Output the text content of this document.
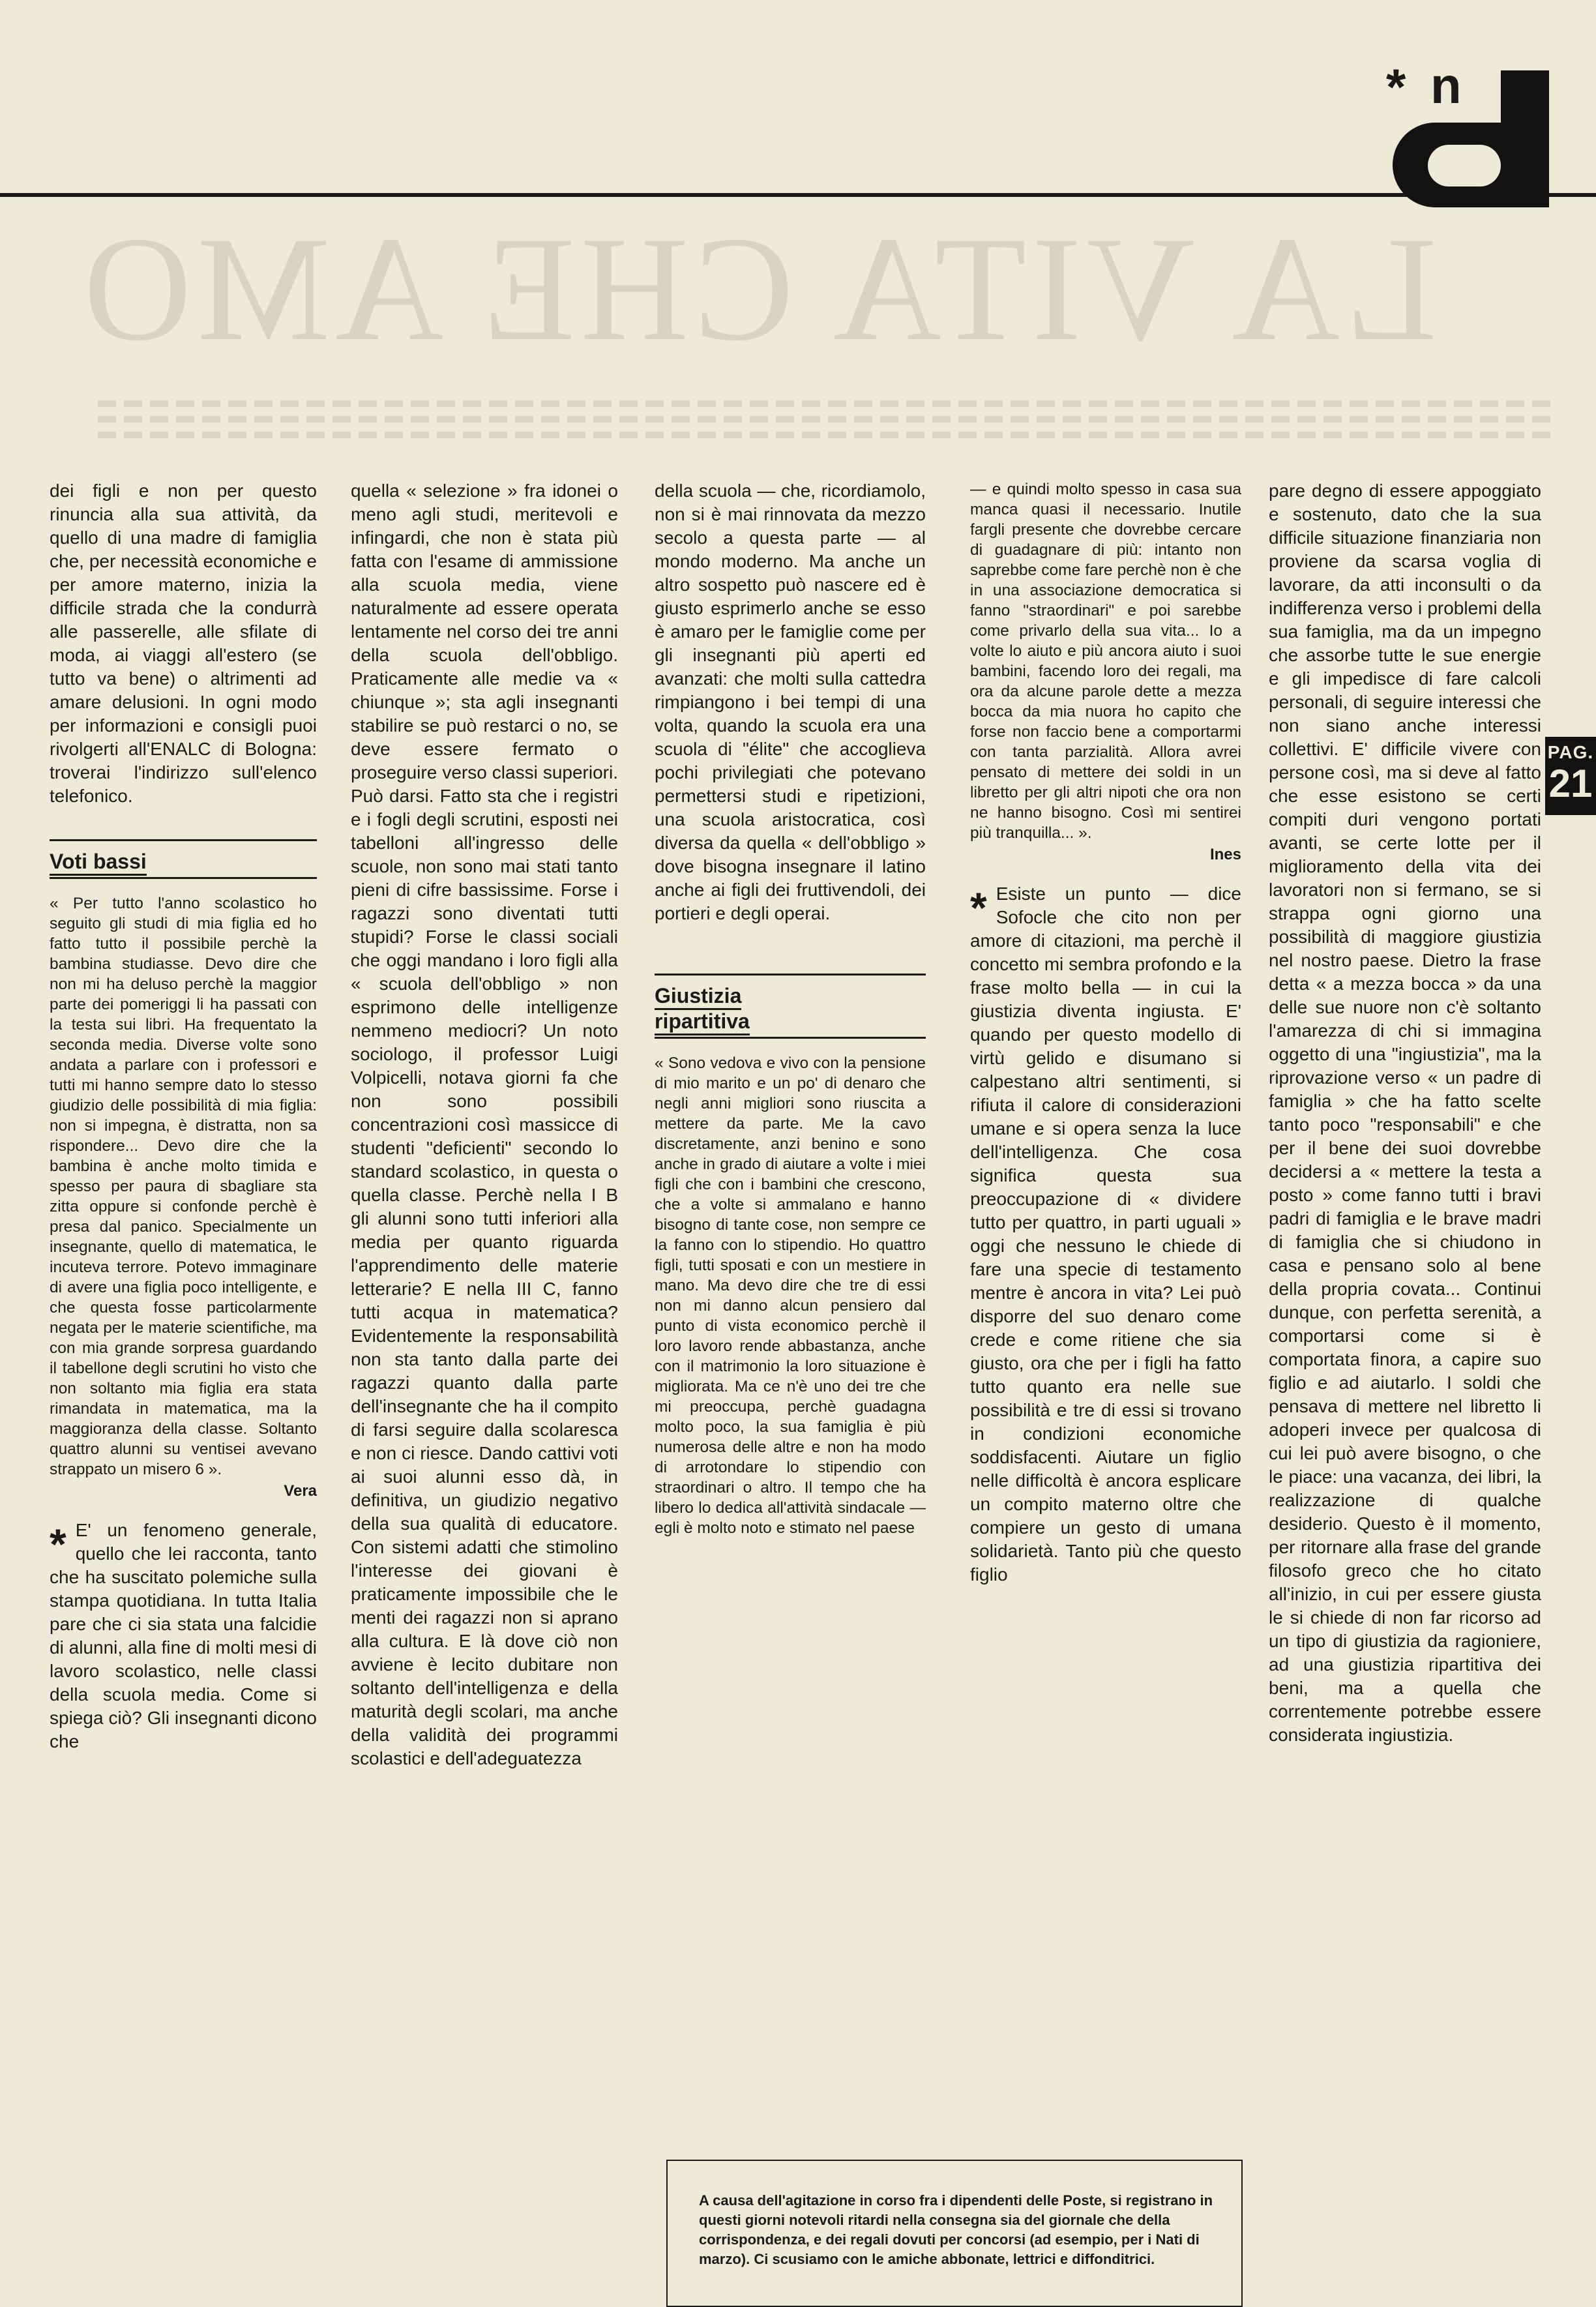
LA VITA CHE AMO
* n
PAG.
21

dei figli e non per questo rinuncia alla sua attività, da quello di una madre di famiglia che, per necessità economiche e per amore materno, inizia la difficile strada che la condurrà alle passerelle, alle sfilate di moda, ai viaggi all'estero (se tutto va bene) o altrimenti ad amare delusioni. In ogni modo per informazioni e consigli puoi rivolgerti all'ENALC di Bologna: troverai l'indirizzo sull'elenco telefonico.

Voti bassi

« Per tutto l'anno scolastico ho seguito gli studi di mia figlia ed ho fatto tutto il possibile perchè la bambina studiasse. Devo dire che non mi ha deluso perchè la maggior parte dei pomeriggi li ha passati con la testa sui libri. Ha frequentato la seconda media. Diverse volte sono andata a parlare con i professori e tutti mi hanno sempre dato lo stesso giudizio delle possibilità di mia figlia: non si impegna, è distratta, non sa rispondere... Devo dire che la bambina è anche molto timida e spesso per paura di sbagliare sta zitta oppure si confonde perchè è presa dal panico. Specialmente un insegnante, quello di matematica, le incuteva terrore. Potevo immaginare di avere una figlia poco intelligente, e che questa fosse particolarmente negata per le materie scientifiche, ma con mia grande sorpresa guardando il tabellone degli scrutini ho visto che non soltanto mia figlia era stata rimandata in matematica, ma la maggioranza della classe. Soltanto quattro alunni su ventisei avevano strappato un misero 6 ».

Vera

* E' un fenomeno generale, quello che lei racconta, tanto che ha suscitato polemiche sulla stampa quotidiana. In tutta Italia pare che ci sia stata una falcidie di alunni, alla fine di molti mesi di lavoro scolastico, nelle classi della scuola media. Come si spiega ciò? Gli insegnanti dicono che

quella « selezione » fra idonei o meno agli studi, meritevoli e infingardi, che non è stata più fatta con l'esame di ammissione alla scuola media, viene naturalmente ad essere operata lentamente nel corso dei tre anni della scuola dell'obbligo. Praticamente alle medie va « chiunque »; sta agli insegnanti stabilire se può restarci o no, se deve essere fermato o proseguire verso classi superiori. Può darsi. Fatto sta che i registri e i fogli degli scrutini, esposti nei tabelloni all'ingresso delle scuole, non sono mai stati tanto pieni di cifre bassissime. Forse i ragazzi sono diventati tutti stupidi? Forse le classi sociali che oggi mandano i loro figli alla « scuola dell'obbligo » non esprimono delle intelligenze nemmeno mediocri? Un noto sociologo, il professor Luigi Volpicelli, notava giorni fa che non sono possibili concentrazioni così massicce di studenti "deficienti" secondo lo standard scolastico, in questa o quella classe. Perchè nella I B gli alunni sono tutti inferiori alla media per quanto riguarda l'apprendimento delle materie letterarie? E nella III C, fanno tutti acqua in matematica? Evidentemente la responsabilità non sta tanto dalla parte dei ragazzi quanto dalla parte dell'insegnante che ha il compito di farsi seguire dalla scolaresca e non ci riesce. Dando cattivi voti ai suoi alunni esso dà, in definitiva, un giudizio negativo della sua qualità di educatore. Con sistemi adatti che stimolino l'interesse dei giovani è praticamente impossibile che le menti dei ragazzi non si aprano alla cultura. E là dove ciò non avviene è lecito dubitare non soltanto dell'intelligenza e della maturità degli scolari, ma anche della validità dei programmi scolastici e dell'adeguatezza

della scuola — che, ricordiamolo, non si è mai rinnovata da mezzo secolo a questa parte — al mondo moderno. Ma anche un altro sospetto può nascere ed è giusto esprimerlo anche se esso è amaro per le famiglie come per gli insegnanti più aperti ed avanzati: che molti sulla cattedra rimpiangono i bei tempi di una volta, quando la scuola era una scuola di "élite" che accoglieva pochi privilegiati che potevano permettersi studi e ripetizioni, una scuola aristocratica, così diversa da quella « dell'obbligo » dove bisogna insegnare il latino anche ai figli dei fruttivendoli, dei portieri e degli operai.

Giustizia
ripartitiva

« Sono vedova e vivo con la pensione di mio marito e un po' di denaro che negli anni migliori sono riuscita a mettere da parte. Me la cavo discretamente, anzi benino e sono anche in grado di aiutare a volte i miei figli che con i bambini che crescono, che a volte si ammalano e hanno bisogno di tante cose, non sempre ce la fanno con lo stipendio. Ho quattro figli, tutti sposati e con un mestiere in mano. Ma devo dire che tre di essi non mi danno alcun pensiero dal punto di vista economico perchè il loro lavoro rende abbastanza, anche con il matrimonio la loro situazione è migliorata. Ma ce n'è uno dei tre che mi preoccupa, perchè guadagna molto poco, la sua famiglia è più numerosa delle altre e non ha modo di arrotondare lo stipendio con straordinari o altro. Il tempo che ha libero lo dedica all'attività sindacale — egli è molto noto e stimato nel paese

— e quindi molto spesso in casa sua manca quasi il necessario. Inutile fargli presente che dovrebbe cercare di guadagnare di più: intanto non saprebbe come fare perchè non è che in una associazione democratica si fanno "straordinari" e poi sarebbe come privarlo della sua vita... Io a volte lo aiuto e più ancora aiuto i suoi bambini, facendo loro dei regali, ma ora da alcune parole dette a mezza bocca da mia nuora ho capito che forse non faccio bene a comportarmi con tanta parzialità. Allora avrei pensato di mettere dei soldi in un libretto per gli altri nipoti che ora non ne hanno bisogno. Così mi sentirei più tranquilla... ».

Ines

* Esiste un punto — dice Sofocle che cito non per amore di citazioni, ma perchè il concetto mi sembra profondo e la frase molto bella — in cui la giustizia diventa ingiusta. E' quando per questo modello di virtù gelido e disumano si calpestano altri sentimenti, si rifiuta il calore di considerazioni umane e si opera senza la luce dell'intelligenza. Che cosa significa questa sua preoccupazione di « dividere tutto per quattro, in parti uguali » oggi che nessuno le chiede di fare una specie di testamento mentre è ancora in vita? Lei può disporre del suo denaro come crede e come ritiene che sia giusto, ora che per i figli ha fatto tutto quanto era nelle sue possibilità e tre di essi si trovano in condizioni economiche soddisfacenti. Aiutare un figlio nelle difficoltà è ancora esplicare un compito materno oltre che compiere un gesto di umana solidarietà. Tanto più che questo figlio

pare degno di essere appoggiato e sostenuto, dato che la sua difficile situazione finanziaria non proviene da scarsa voglia di lavorare, da atti inconsulti o da indifferenza verso i problemi della sua famiglia, ma da un impegno che assorbe tutte le sue energie e gli impedisce di fare calcoli personali, di seguire interessi che non siano anche interessi collettivi. E' difficile vivere con persone così, ma si deve al fatto che esse esistono se certi compiti duri vengono portati avanti, se certe lotte per il miglioramento della vita dei lavoratori non si fermano, se si strappa ogni giorno una possibilità di maggiore giustizia nel nostro paese. Dietro la frase detta « a mezza bocca » da una delle sue nuore non c'è soltanto l'amarezza di chi si immagina oggetto di una "ingiustizia", ma la riprovazione verso « un padre di famiglia » che ha fatto scelte tanto poco "responsabili" e che per il bene dei suoi dovrebbe decidersi a « mettere la testa a posto » come fanno tutti i bravi padri di famiglia e le brave madri di famiglia che si chiudono in casa e pensano solo al bene della propria covata... Continui dunque, con perfetta serenità, a comportarsi come si è comportata finora, a capire suo figlio e ad aiutarlo. I soldi che pensava di mettere nel libretto li adoperi invece per qualcosa di cui lei può avere bisogno, o che le piace: una vacanza, dei libri, la realizzazione di qualche desiderio. Questo è il momento, per ritornare alla frase del grande filosofo greco che ho citato all'inizio, in cui per essere giusta le si chiede di non far ricorso ad un tipo di giustizia da ragioniere, ad una giustizia ripartitiva dei beni, ma a quella che correntemente potrebbe essere considerata ingiustizia.

A causa dell'agitazione in corso fra i dipendenti delle Poste, si registrano in questi giorni notevoli ritardi nella consegna sia del giornale che della corrispondenza, e dei regali dovuti per concorsi (ad esempio, per i Nati di marzo). Ci scusiamo con le amiche abbonate, lettrici e diffonditrici.
